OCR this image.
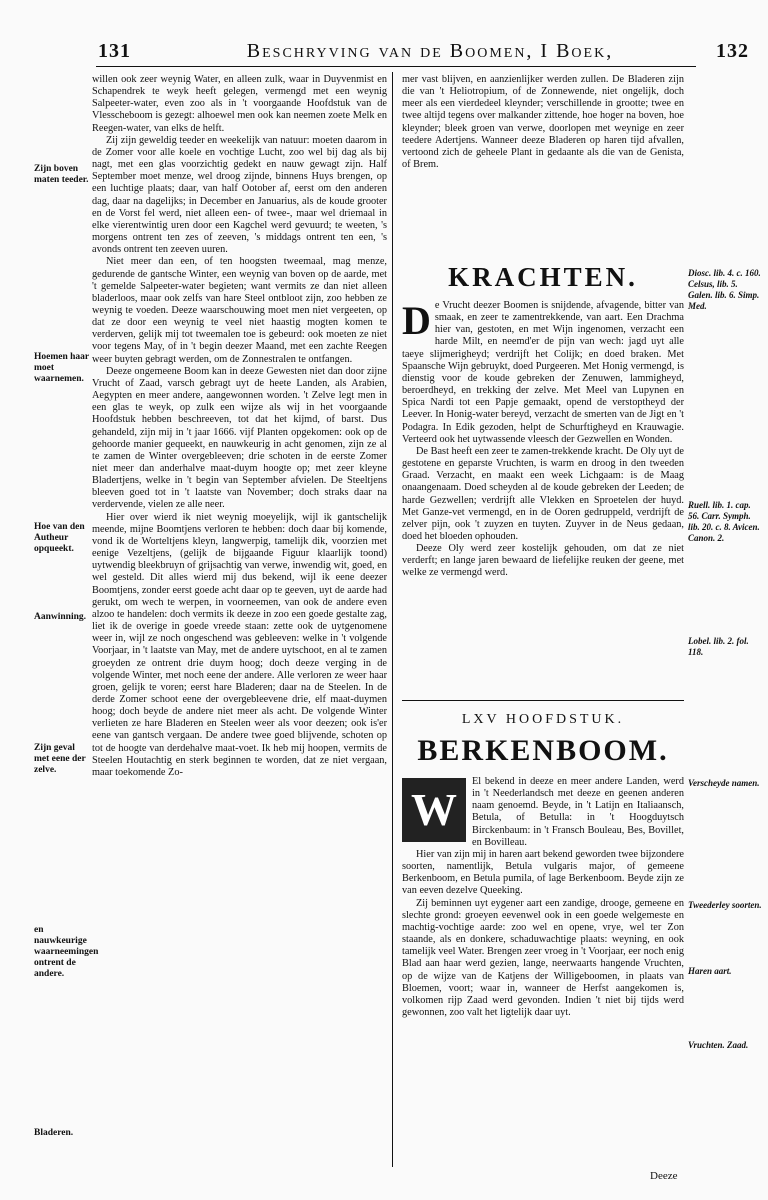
131	Beschryving van de Boomen, I Boek,	132

willen ook zeer weynig Water, en alleen zulk, waar in Duyvenmist en Schapendrek te weyk heeft gelegen, vermengd met een weynig Salpeeter-water, even zoo als in 't voorgaande Hoofdstuk van de Vlesscheboom is gezegt: alhoewel men ook kan neemen zoete Melk en Reegen-water, van elks de helft.

Zij zijn geweldig teeder en weekelijk van natuur: moeten daarom in de Zomer voor alle koele en vochtige Lucht, zoo wel bij dag als bij nagt, met een glas voorzichtig gedekt en nauw gewagt zijn. Half September moet menze, wel droog zijnde, binnens Huys brengen, op een luchtige plaats; daar, van half Ootober af, eerst om den anderen dag, daar na dagelijks; in December en Januarius, als de koude grooter en de Vorst fel werd, niet alleen een- of twee-, maar wel driemaal in elke vierentwintig uren door een Kagchel werd gevuurd; te weeten, 's morgens ontrent ten zes of zeeven, 's middags ontrent ten een, 's avonds ontrent ten zeeven uuren.

Niet meer dan een, of ten hoogsten tweemaal, mag menze, gedurende de gantsche Winter, een weynig van boven op de aarde, met 't gemelde Salpeeter-water begieten; want vermits ze dan niet alleen bladerloos, maar ook zelfs van hare Steel ontbloot zijn, zoo hebben ze weynig te voeden. Deeze waarschouwing moet men niet vergeeten, op dat ze door een weynig te veel niet haastig mogten komen te verderven, gelijk mij tot tweemalen toe is gebeurd: ook moeten ze niet voor tegens May, of in 't begin deezer Maand, met een zachte Reegen weer buyten gebragt werden, om de Zonnestralen te ontfangen.

Deeze ongemeene Boom kan in deeze Gewesten niet dan door zijne Vrucht of Zaad, varsch gebragt uyt de heete Landen, als Arabien, Aegypten en meer andere, aangewonnen worden. 't Zelve legt men in een glas te weyk, op zulk een wijze als wij in het voorgaande Hoofdstuk hebben beschreeven, tot dat het kijmd, of barst. Dus gehandeld, zijn mij in 't jaar 1666. vijf Planten opgekomen: ook op de gehoorde manier gequeekt, en nauwkeurig in acht genomen, zijn ze al te zamen de Winter overgebleeven; drie schoten in de eerste Zomer niet meer dan anderhalve maat-duym hoogte op; met zeer kleyne Bladertjens, welke in 't begin van September afvielen. De Steeltjens bleeven goed tot in 't laatste van November; doch straks daar na verdervende, vielen ze alle neer.

Hier over wierd ik niet weynig moeyelijk, wijl ik gantschelijk meende, mijne Boomtjens verloren te hebben: doch daar bij komende, vond ik de Worteltjens kleyn, langwerpig, tamelijk dik, voorzien met eenige Vezeltjens, (gelijk de bijgaande Figuur klaarlijk toond) uytwendig bleekbruyn of grijsachtig van verwe, inwendig wit, goed, en wel gesteld. Dit alles wierd mij dus bekend, wijl ik eene deezer Boomtjens, zonder eerst goede acht daar op te geeven, uyt de aarde had gerukt, om wech te werpen, in voorneemen, van ook de andere even alzoo te handelen: doch vermits ik deeze in zoo een goede gestalte zag, liet ik de overige in goede vreede staan: zette ook de uytgenomene weer in, wijl ze noch ongeschend was gebleeven: welke in 't volgende Voorjaar, in 't laatste van May, met de andere uytschoot, en al te zamen groeyden ze ontrent drie duym hoog; doch deeze verging in de volgende Winter, met noch eene der andere. Alle verloren ze weer haar groen, gelijk te voren; eerst hare Bladeren; daar na de Steelen. In de derde Zomer schoot eene der overgebleevene drie, elf maat-duymen hoog; doch beyde de andere niet meer als acht. De volgende Winter verlieten ze hare Bladeren en Steelen weer als voor deezen; ook is'er eene van gantsch vergaan. De andere twee goed blijvende, schoten op tot de hoogte van derdehalve maat-voet. Ik heb mij hoopen, vermits de Steelen Houtachtig en sterk beginnen te worden, dat ze niet vergaan, maar toekomende Zo-

Zijn boven maten teeder.
Hoemen haar moet waarnemen.
Hoe van den Autheur opqueekt.
Aanwinning.
Zijn geval met eene der zelve.
en nauwkeurige waarneemingen ontrent de andere.
Bladeren.

mer vast blijven, en aanzienlijker werden zullen. De Bladeren zijn die van 't Heliotropium, of de Zonnewende, niet ongelijk, doch meer als een vierdedeel kleynder; verschillende in grootte; twee en twee altijd tegens over malkander zittende, hoe hoger na boven, hoe kleynder; bleek groen van verwe, doorlopen met weynige en zeer teedere Adertjens. Wanneer deeze Bladeren op haren tijd afvallen, vertoond zich de geheele Plant in gedaante als die van de Genista, of Brem.

KRACHTEN.

De Vrucht deezer Boomen is snijdende, afvagende, bitter van smaak, en zeer te zamentrekkende, van aart. Een Drachma hier van, gestoten, en met Wijn ingenomen, verzacht een harde Milt, en neemd'er de pijn van wech: jagd uyt alle taeye slijmerigheyd; verdrijft het Colijk; en doed braken. Met Spaansche Wijn gebruykt, doed Purgeeren. Met Honig vermengd, is dienstig voor de koude gebreken der Zenuwen, lammigheyd, beroerdheyd, en trekking der zelve. Met Meel van Lupynen en Spica Nardi tot een Papje gemaakt, opend de verstoptheyd der Leever. In Honig-water bereyd, verzacht de smerten van de Jigt en 't Podagra. In Edik gezoden, helpt de Schurftigheyd en Krauwagie. Verteerd ook het uytwassende vleesch der Gezwellen en Wonden.

De Bast heeft een zeer te zamen-trekkende kracht. De Oly uyt de gestotene en geparste Vruchten, is warm en droog in den tweeden Graad. Verzacht, en maakt een week Lichgaam: is de Maag onaangenaam. Doed scheyden al de koude gebreken der Leeden; de harde Gezwellen; verdrijft alle Vlekken en Sproetelen der huyd. Met Ganze-vet vermengd, en in de Ooren gedruppeld, verdrijft de zelver pijn, ook 't zuyzen en tuyten. Zuyver in de Neus gedaan, doed het bloeden ophouden.

Deeze Oly werd zeer kostelijk gehouden, om dat ze niet verderft; en lange jaren bewaard de liefelijke reuken der geene, met welke ze vermengd werd.

LXV HOOFDSTUK.
BERKENBOOM.

W
El bekend in deeze en meer andere Landen, werd in 't Neederlandsch met deeze en geenen anderen naam genoemd. Beyde, in 't Latijn en Italiaansch, Betula, of Betulla: in 't Hoogduytsch Birckenbaum: in 't Fransch Bouleau, Bes, Bovillet, en Bovilleau.

Hier van zijn mij in haren aart bekend geworden twee bijzondere soorten, namentlijk, Betula vulgaris major, of gemeene Berkenboom, en Betula pumila, of lage Berkenboom. Beyde zijn ze van eeven dezelve Queeking.

Zij beminnen uyt eygener aart een zandige, drooge, gemeene en slechte grond: groeyen eevenwel ook in een goede welgemeste en machtig-vochtige aarde: zoo wel en opene, vrye, wel ter Zon staande, als en donkere, schaduwachtige plaats: weyning, en ook tamelijk veel Water. Brengen zeer vroeg in 't Voorjaar, eer noch enig Blad aan haar werd gezien, lange, neerwaarts hangende Vruchten, op de wijze van de Katjens der Willigeboomen, in plaats van Bloemen, voort; waar in, wanneer de Herfst aangekomen is, volkomen rijp Zaad werd gevonden. Indien 't niet bij tijds werd gewonnen, zoo valt het ligtelijk daar uyt.

Diosc. lib. 4. c. 160. Celsus, lib. 5. Galen. lib. 6. Simp. Med.
Ruell. lib. 1. cap. 56. Carr. Symph. lib. 20. c. 8. Avicen. Canon. 2.
Lobel. lib. 2. fol. 118.
Verscheyde namen.
Tweederley soorten.
Haren aart.
Vruchten. Zaad.
Deeze
